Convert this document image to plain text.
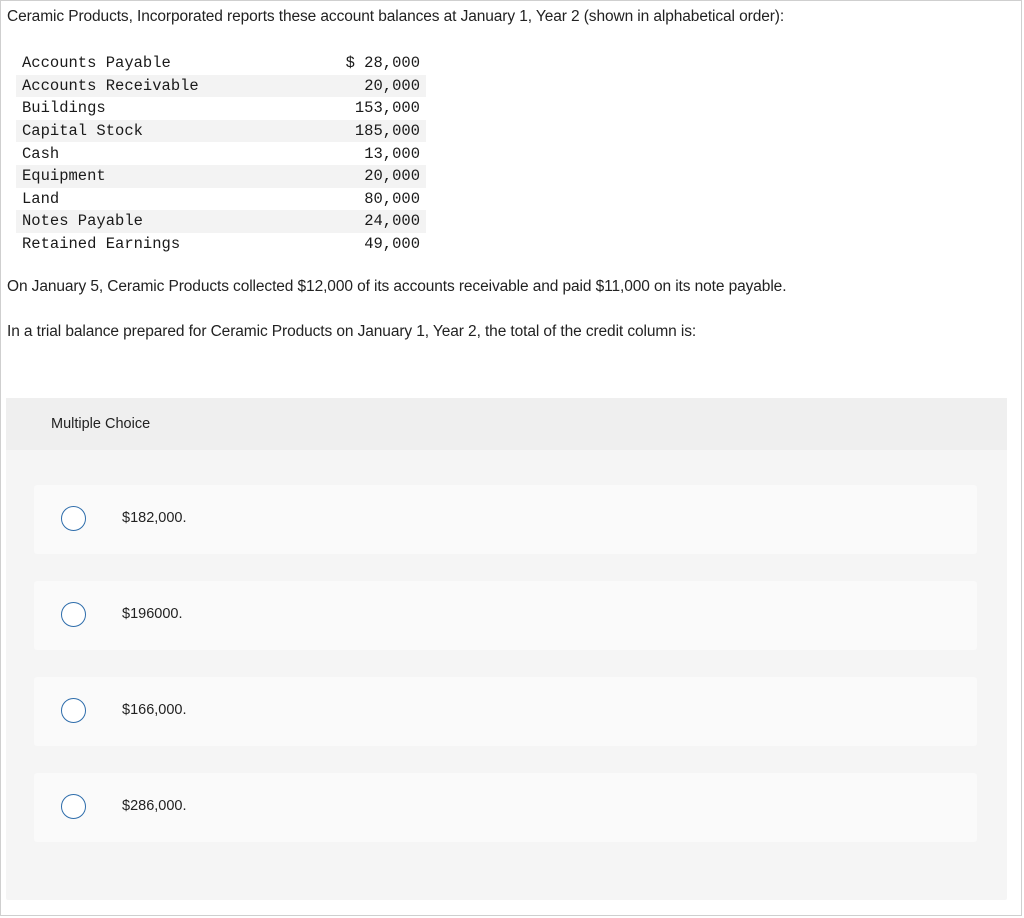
Ceramic Products, Incorporated reports these account balances at January 1, Year 2 (shown in alphabetical order):

Accounts Payable	$ 28,000
Accounts Receivable	20,000
Buildings	153,000
Capital Stock	185,000
Cash	13,000
Equipment	20,000
Land	80,000
Notes Payable	24,000
Retained Earnings	49,000

On January 5, Ceramic Products collected $12,000 of its accounts receivable and paid $11,000 on its note payable.

In a trial balance prepared for Ceramic Products on January 1, Year 2, the total of the credit column is:

Multiple Choice
$182,000.
$196000.
$166,000.
$286,000.
